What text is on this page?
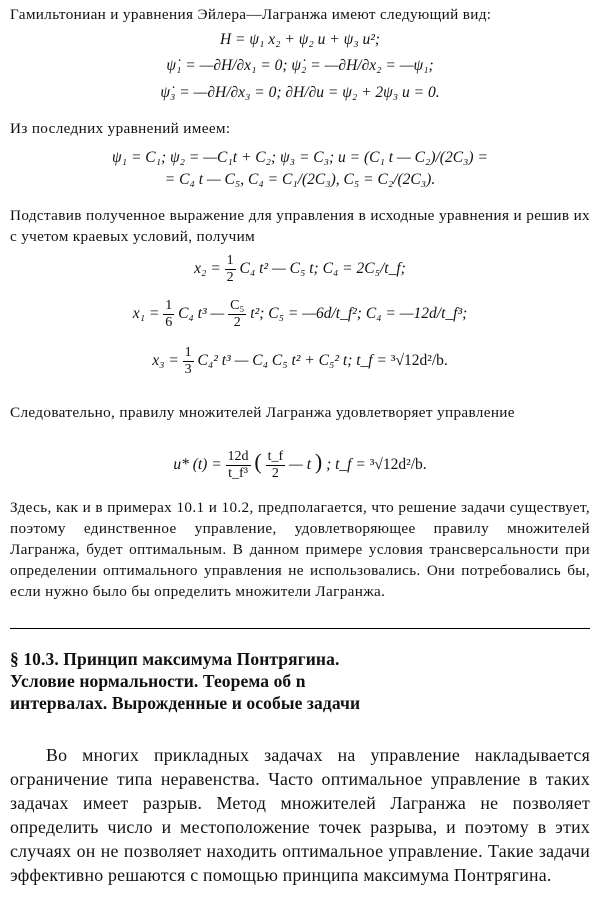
Гамильтониан и уравнения Эйлера—Лагранжа имеют следующий вид:

H = ψ₁ x₂ + ψ₂ u + ψ₃ u²;
ψ̇₁ = —∂H/∂x₁ = 0; ψ̇₂ = —∂H/∂x₂ = —ψ₁;
ψ̇₃ = —∂H/∂x₃ = 0; ∂H/∂u = ψ₂ + 2ψ₃ u = 0.

Из последних уравнений имеем:

ψ₁ = C₁; ψ₂ = —C₁t + C₂; ψ₃ = C₃; u = (C₁ t — C₂)/(2C₃) =
= C₄ t — C₅, C₄ = C₁/(2C₃), C₅ = C₂/(2C₃).

Подставив полученное выражение для управления в исходные уравнения и решив их с учетом краевых условий, получим

$x_2 = \frac{1}{2} C_4$ t² — C₅ t; C₄ = 2C₅/t_f;
$x_1 = \frac{1}{6} C_4$ t³ — $\frac{\text{C₅}}{2} t^2$; C₅ = —6d/t_f²; C₄ = —12d/t_f³;
$x_3 = \frac{1}{3} C_4^2$ t³ — C₄ C₅ t² + C₅² t; t_f = ³√12d²/b.

Следовательно, правилу множителей Лагранжа удовлетворяет управление

u* $(t) = \frac{12d}{\text{t\_f³}}$ ( $\frac{t\_f}{2}$ — t ) ; t_f = ³√12d²/b.

Здесь, как и в примерах 10.1 и 10.2, предполагается, что решение задачи существует, поэтому единственное управление, удовлетворяющее правилу множителей Лагранжа, будет оптимальным. В данном примере условия трансверсальности при определении оптимального управления не использовались. Они потребовались бы, если нужно было бы определить множители Лагранжа.

§ 10.3. Принцип максимума Понтрягина.
Условие нормальности. Теорема об n
интервалах. Вырожденные и особые задачи

Во многих прикладных задачах на управление накладывается ограничение типа неравенства. Часто оптимальное управление в таких задачах имеет разрыв. Метод множителей Лагранжа не позволяет определить число и местоположение точек разрыва, и поэтому в этих случаях он не позволяет находить оптимальное управление. Такие задачи эффективно решаются с помощью принципа максимума Понтрягина.
